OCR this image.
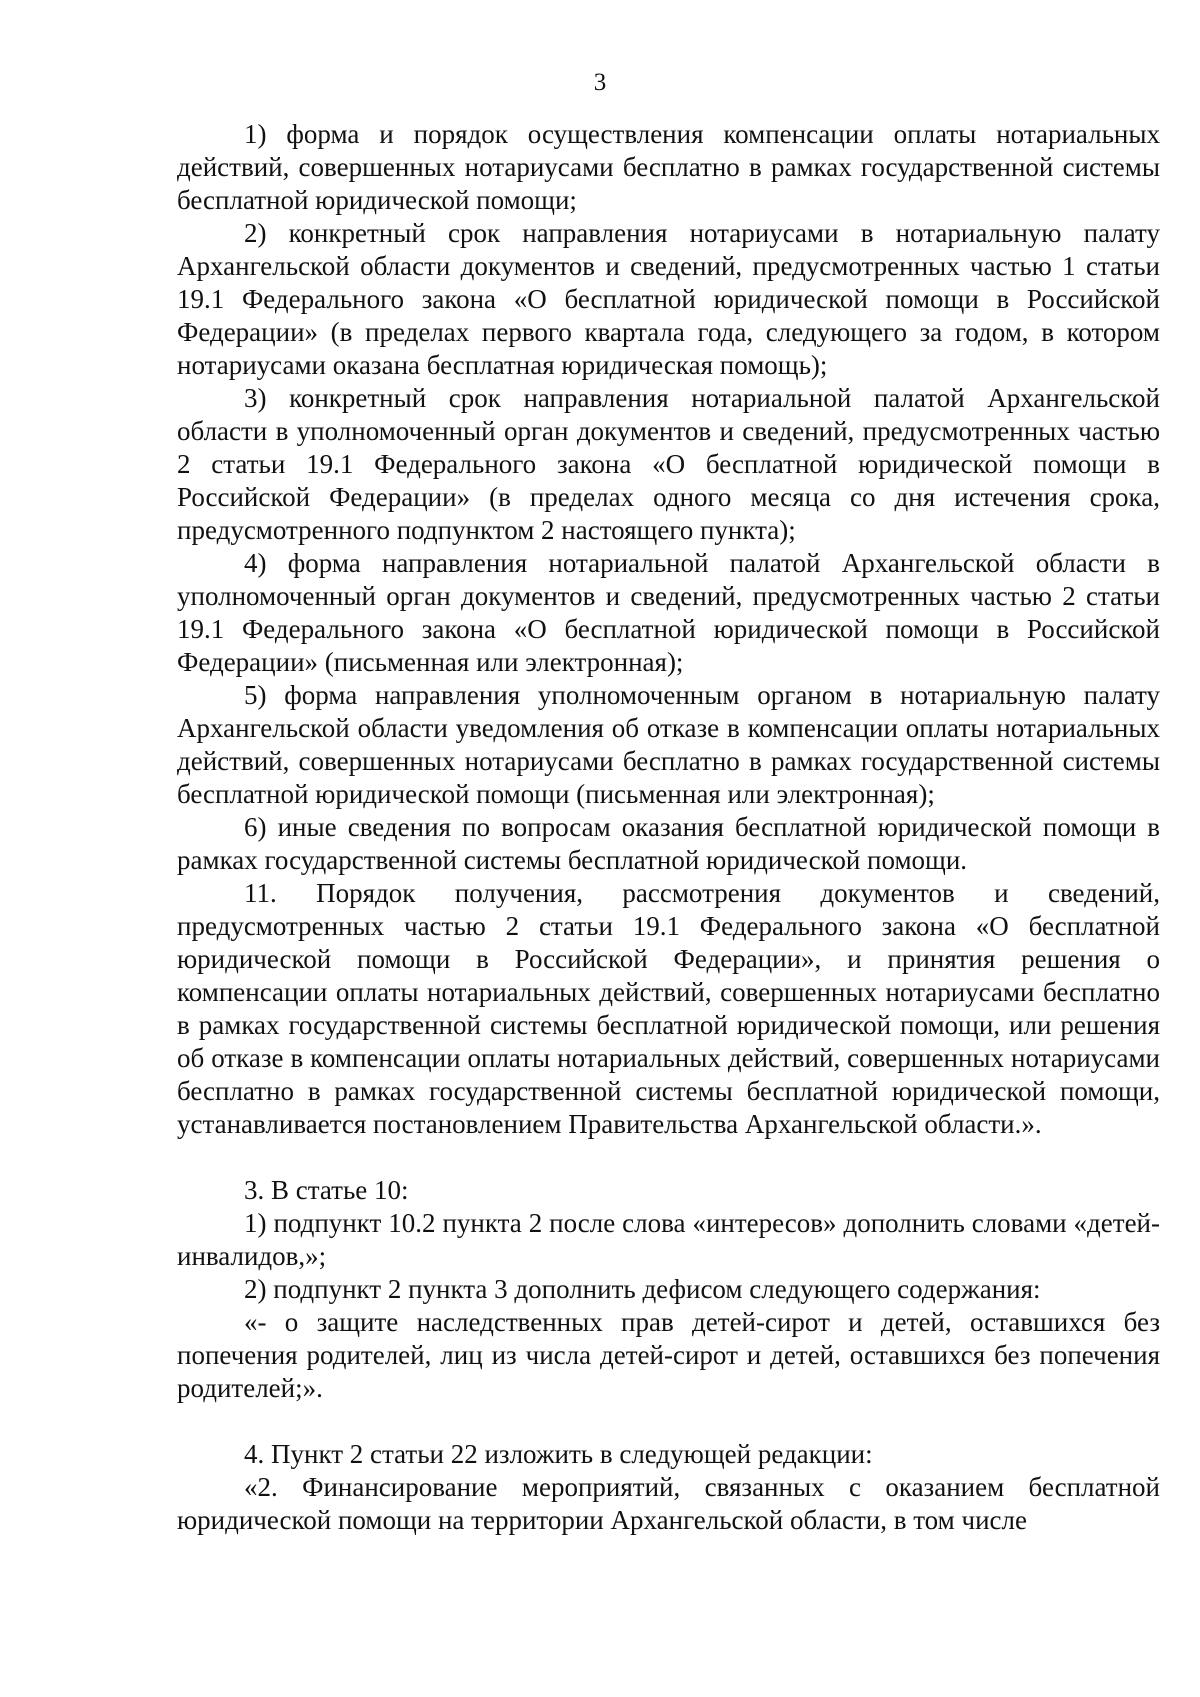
3

1) форма и порядок осуществления компенсации оплаты нотариальных действий, совершенных нотариусами бесплатно в рамках государственной системы бесплатной юридической помощи;

2) конкретный срок направления нотариусами в нотариальную палату Архангельской области документов и сведений, предусмотренных частью 1 статьи 19.1 Федерального закона «О бесплатной юридической помощи в Российской Федерации» (в пределах первого квартала года, следующего за годом, в котором нотариусами оказана бесплатная юридическая помощь);

3) конкретный срок направления нотариальной палатой Архангельской области в уполномоченный орган документов и сведений, предусмотренных частью 2 статьи 19.1 Федерального закона «О бесплатной юридической помощи в Российской Федерации» (в пределах одного месяца со дня истечения срока, предусмотренного подпунктом 2 настоящего пункта);

4) форма направления нотариальной палатой Архангельской области в уполномоченный орган документов и сведений, предусмотренных частью 2 статьи 19.1 Федерального закона «О бесплатной юридической помощи в Российской Федерации» (письменная или электронная);

5) форма направления уполномоченным органом в нотариальную палату Архангельской области уведомления об отказе в компенсации оплаты нотариальных действий, совершенных нотариусами бесплатно в рамках государственной системы бесплатной юридической помощи (письменная или электронная);

6) иные сведения по вопросам оказания бесплатной юридической помощи в рамках государственной системы бесплатной юридической помощи.

11. Порядок получения, рассмотрения документов и сведений, предусмотренных частью 2 статьи 19.1 Федерального закона «О бесплатной юридической помощи в Российской Федерации», и принятия решения о компенсации оплаты нотариальных действий, совершенных нотариусами бесплатно в рамках государственной системы бесплатной юридической помощи, или решения об отказе в компенсации оплаты нотариальных действий, совершенных нотариусами бесплатно в рамках государственной системы бесплатной юридической помощи, устанавливается постановлением Правительства Архангельской области.».

3. В статье 10:

1) подпункт 10.2 пункта 2 после слова «интересов» дополнить словами «детей-инвалидов,»;

2) подпункт 2 пункта 3 дополнить дефисом следующего содержания:

«- о защите наследственных прав детей-сирот и детей, оставшихся без попечения родителей, лиц из числа детей-сирот и детей, оставшихся без попечения родителей;».

4. Пункт 2 статьи 22 изложить в следующей редакции:

«2. Финансирование мероприятий, связанных с оказанием бесплатной юридической помощи на территории Архангельской области, в том числе
